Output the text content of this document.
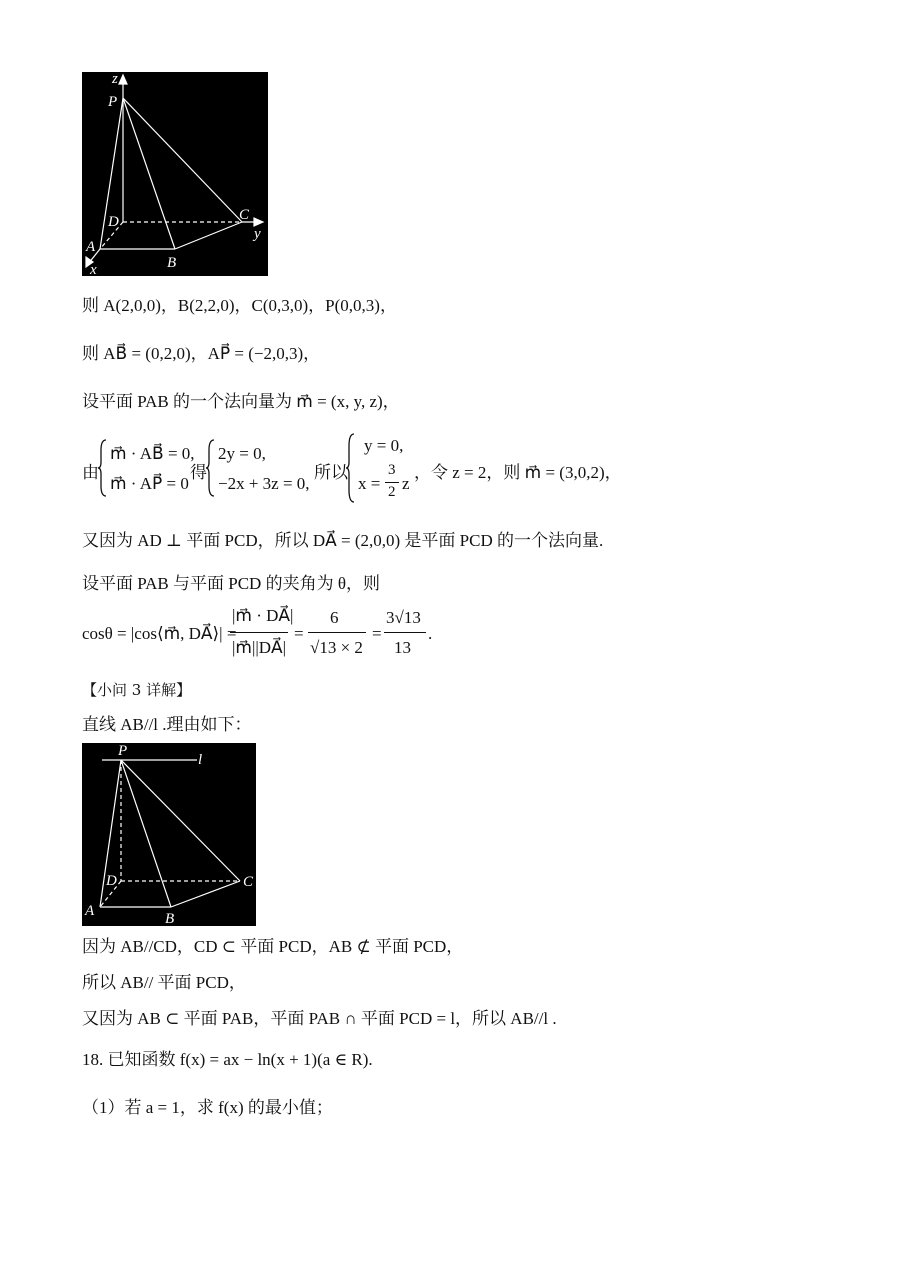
z
P
D	C
y
A
x	B
则 A(2,0,0)，B(2,2,0)，C(0,3,0)，P(0,0,3)，
则 AB⃗ = (0,2,0)，AP⃗ = (−2,0,3)，
设平面 PAB 的一个法向量为 m⃗ = (x, y, z)，
由
m⃗ · AB⃗ = 0,
m⃗ · AP⃗ = 0
得
2y = 0,
−2x + 3z = 0,
所以
y = 0,
x =
3
2 z
，令 z = 2，则 m⃗ = (3,0,2)，
又因为 AD ⊥ 平面 PCD，所以 DA⃗ = (2,0,0) 是平面 PCD 的一个法向量.
设平面 PAB 与平面 PCD 的夹角为 θ，则
cosθ = |cos⟨m⃗, DA⃗⟩| =
|m⃗ · DA⃗|
|m⃗||DA⃗|
=
6
√13 × 2
=
3√13
13
.
【小问 3 详解】
直线 AB//l .理由如下：
P
l
D	C
A	B
因为 AB//CD，CD ⊂ 平面 PCD，AB ⊄ 平面 PCD，
所以 AB// 平面 PCD，
又因为 AB ⊂ 平面 PAB，平面 PAB ∩ 平面 PCD = l，所以 AB//l .
18. 已知函数 f(x) = ax − ln(x + 1)(a ∈ R).
（1）若 a = 1，求 f(x) 的最小值；
